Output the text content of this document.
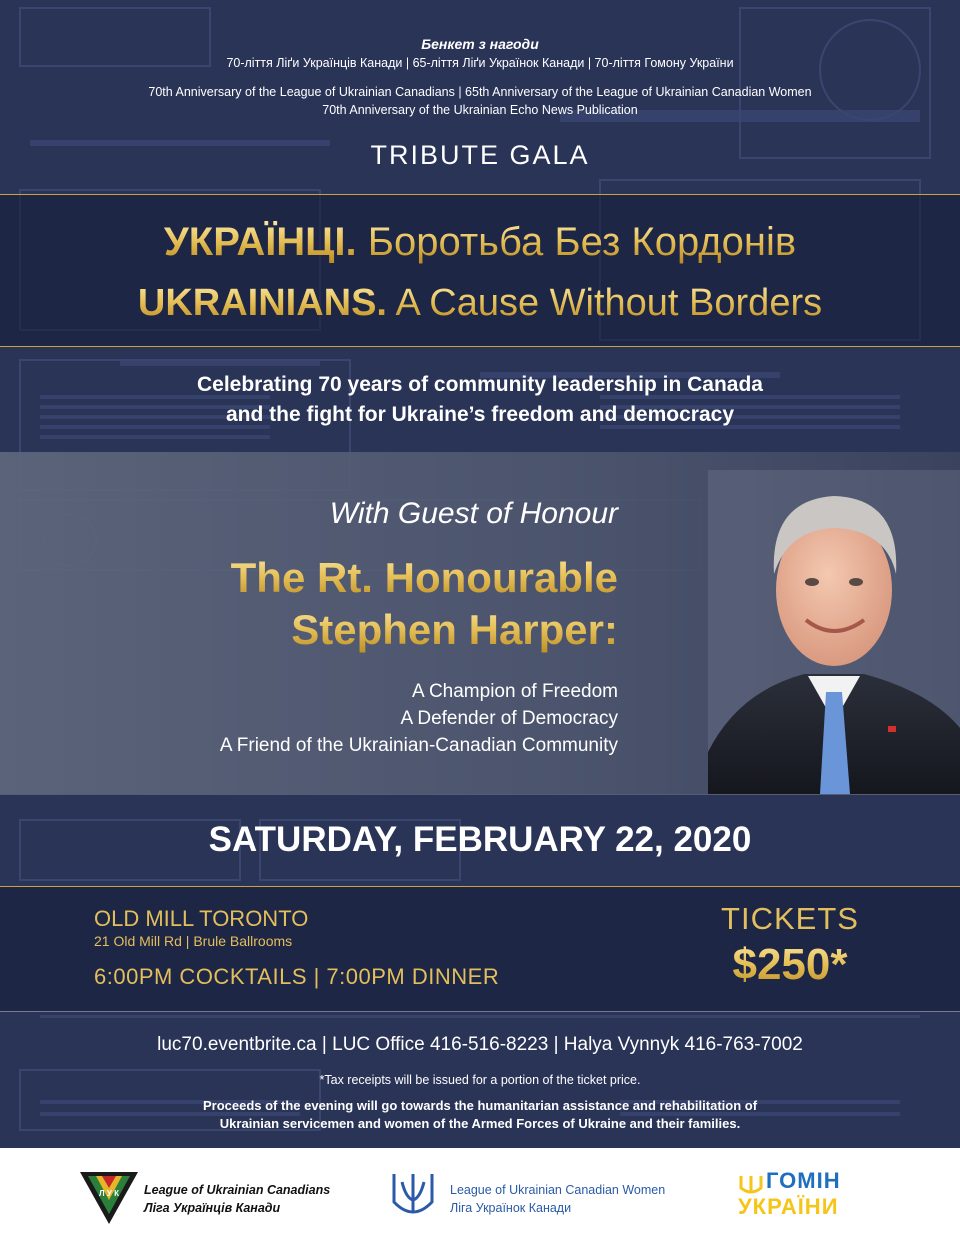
Бенкет з нагоди
70-ліття Ліґи Українців Канади | 65-ліття Ліґи Українок Канади | 70-ліття Гомону України
70th Anniversary of the League of Ukrainian Canadians | 65th Anniversary of the League of Ukrainian Canadian Women
70th Anniversary of the Ukrainian Echo News Publication
TRIBUTE GALA
УКРАЇНЦІ. Боротьба Без Кордонів
UKRAINIANS. A Cause Without Borders
Celebrating 70 years of community leadership in Canada
and the fight for Ukraine’s freedom and democracy
With Guest of Honour
The Rt. Honourable
Stephen Harper:
A Champion of Freedom
A Defender of Democracy
A Friend of the Ukrainian-Canadian Community
SATURDAY, FEBRUARY 22, 2020
OLD MILL TORONTO
21 Old Mill Rd | Brule Ballrooms
6:00PM COCKTAILS | 7:00PM DINNER
TICKETS
$250*
luc70.eventbrite.ca | LUC Office 416-516-8223 | Halya Vynnyk 416-763-7002
*Tax receipts will be issued for a portion of the ticket price.
Proceeds of the evening will go towards the humanitarian assistance and rehabilitation of
Ukrainian servicemen and women of the Armed Forces of Ukraine and their families.
Л У К League of Ukrainian Canadians
Ліга Українців Канади
League of Ukrainian Canadian Women
Ліга Українок Канади
ГОМІН
УКРАЇНИ
